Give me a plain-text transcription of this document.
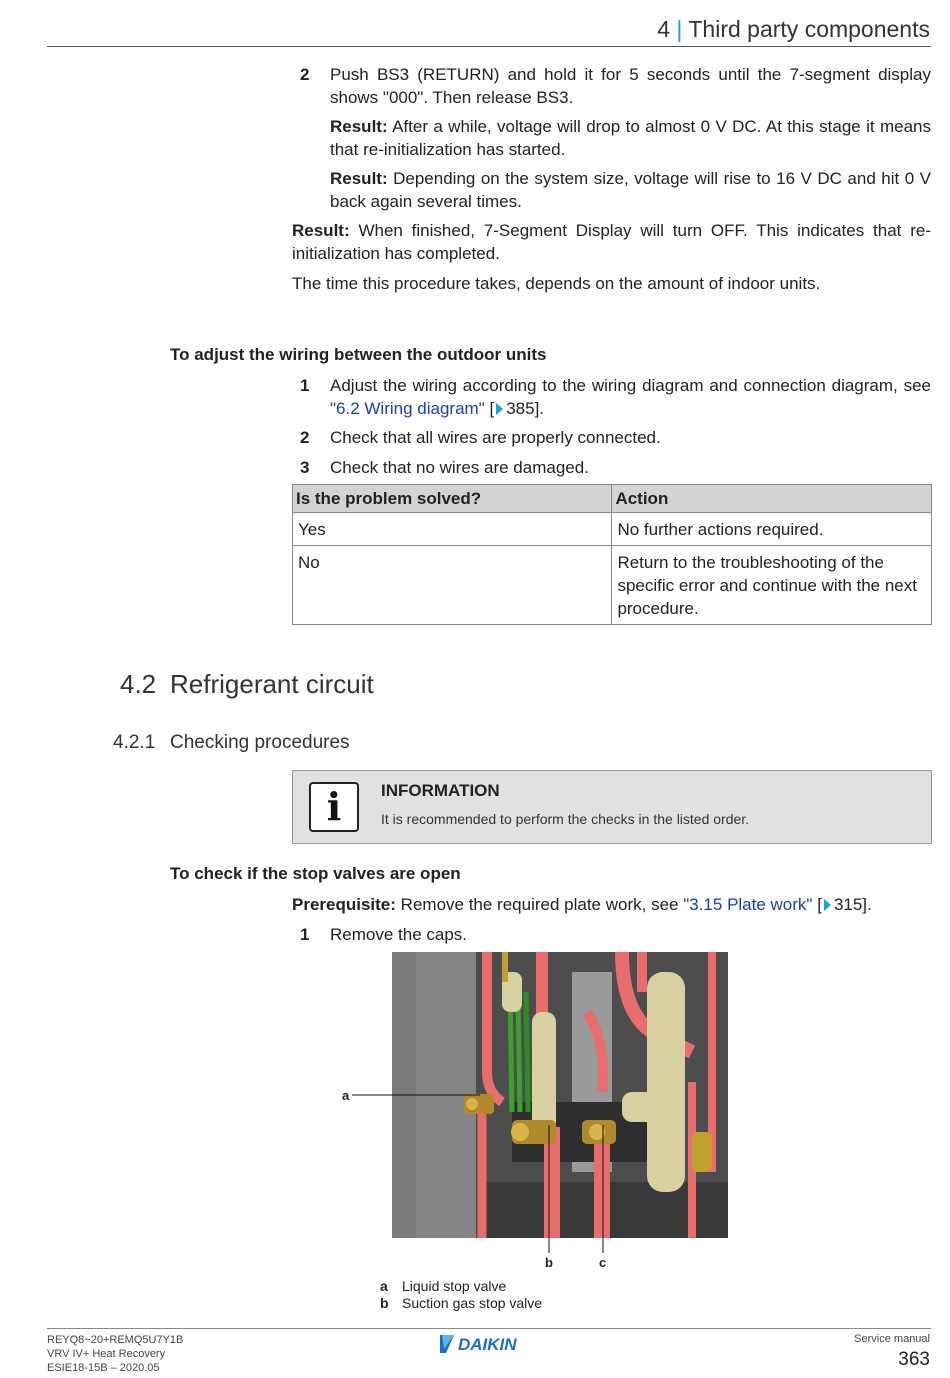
4 | Third party components
2 Push BS3 (RETURN) and hold it for 5 seconds until the 7-segment display shows "000". Then release BS3.
Result: After a while, voltage will drop to almost 0 V DC. At this stage it means that re-initialization has started.
Result: Depending on the system size, voltage will rise to 16 V DC and hit 0 V back again several times.
Result: When finished, 7-Segment Display will turn OFF. This indicates that re-initialization has completed.
The time this procedure takes, depends on the amount of indoor units.
To adjust the wiring between the outdoor units
1 Adjust the wiring according to the wiring diagram and connection diagram, see "6.2 Wiring diagram" [ 385].
2 Check that all wires are properly connected.
3 Check that no wires are damaged.
Is the problem solved?	Action
Yes	No further actions required.
No	Return to the troubleshooting of the specific error and continue with the next procedure.
4.2 Refrigerant circuit
4.2.1 Checking procedures
i	INFORMATION
It is recommended to perform the checks in the listed order.
To check if the stop valves are open
Prerequisite: Remove the required plate work, see "3.15 Plate work" [ 315].
1 Remove the caps.
a
b	c
a Liquid stop valve
b Suction gas stop valve
REYQ8~20+REMQ5U7Y1B
VRV IV+ Heat Recovery
ESIE18-15B – 2020.05
DAIKIN	Service manual
363
